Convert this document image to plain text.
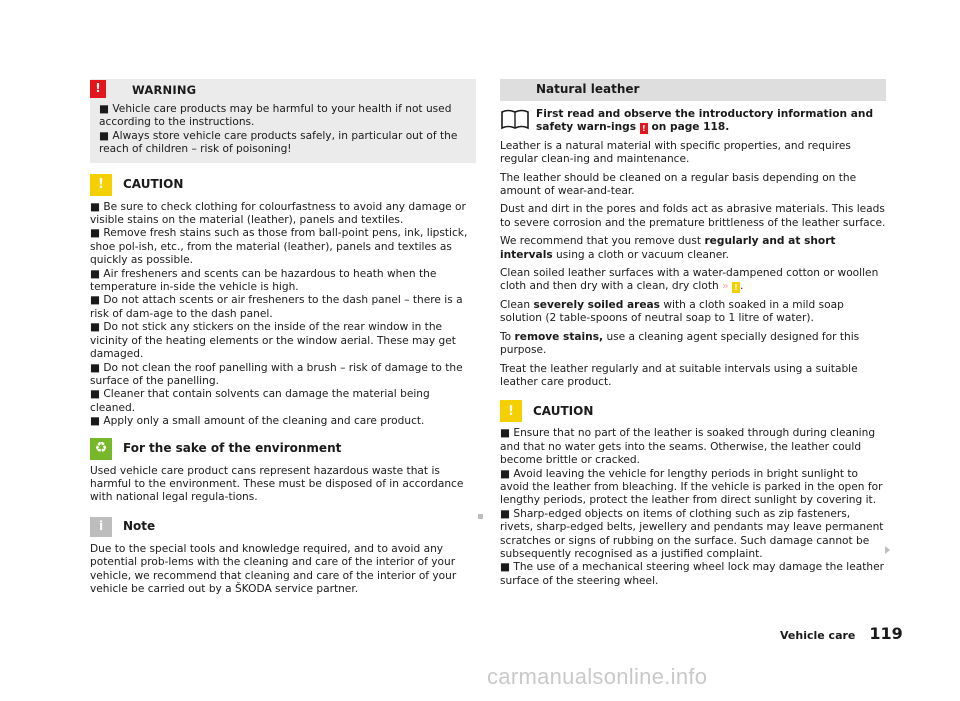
!	WARNING

■ Vehicle care products may be harmful to your health if not used according to the instructions.

■ Always store vehicle care products safely, in particular out of the reach of children – risk of poisoning!

!	CAUTION

■ Be sure to check clothing for colourfastness to avoid any damage or visible stains on the material (leather), panels and textiles.

■ Remove fresh stains such as those from ball-point pens, ink, lipstick, shoe pol-ish, etc., from the material (leather), panels and textiles as quickly as possible.

■ Air fresheners and scents can be hazardous to heath when the temperature in-side the vehicle is high.

■ Do not attach scents or air fresheners to the dash panel – there is a risk of dam-age to the dash panel.

■ Do not stick any stickers on the inside of the rear window in the vicinity of the heating elements or the window aerial. These may get damaged.

■ Do not clean the roof panelling with a brush – risk of damage to the surface of the panelling.

■ Cleaner that contain solvents can damage the material being cleaned.

■ Apply only a small amount of the cleaning and care product.

♻	For the sake of the environment

Used vehicle care product cans represent hazardous waste that is harmful to the environment. These must be disposed of in accordance with national legal regula-tions.

i	Note

Due to the special tools and knowledge required, and to avoid any potential prob-lems with the cleaning and care of the interior of your vehicle, we recommend that cleaning and care of the interior of your vehicle be carried out by a ŠKODA service partner.

Natural leather

First read and observe the introductory information and safety warn-ings ! on page 118.

Leather is a natural material with specific properties, and requires regular clean-ing and maintenance.

The leather should be cleaned on a regular basis depending on the amount of wear-and-tear.

Dust and dirt in the pores and folds act as abrasive materials. This leads to severe corrosion and the premature brittleness of the leather surface.

We recommend that you remove dust regularly and at short intervals using a cloth or vacuum cleaner.

Clean soiled leather surfaces with a water-dampened cotton or woollen cloth and then dry with a clean, dry cloth » ! .

Clean severely soiled areas with a cloth soaked in a mild soap solution (2 table-spoons of neutral soap to 1 litre of water).

To remove stains, use a cleaning agent specially designed for this purpose.

Treat the leather regularly and at suitable intervals using a suitable leather care product.

!	CAUTION

■ Ensure that no part of the leather is soaked through during cleaning and that no water gets into the seams. Otherwise, the leather could become brittle or cracked.

■ Avoid leaving the vehicle for lengthy periods in bright sunlight to avoid the leather from bleaching. If the vehicle is parked in the open for lengthy periods, protect the leather from direct sunlight by covering it.

■ Sharp-edged objects on items of clothing such as zip fasteners, rivets, sharp-edged belts, jewellery and pendants may leave permanent scratches or signs of rubbing on the surface. Such damage cannot be subsequently recognised as a justified complaint.

■ The use of a mechanical steering wheel lock may damage the leather surface of the steering wheel.

Vehicle care 119
carmanualsonline.info
